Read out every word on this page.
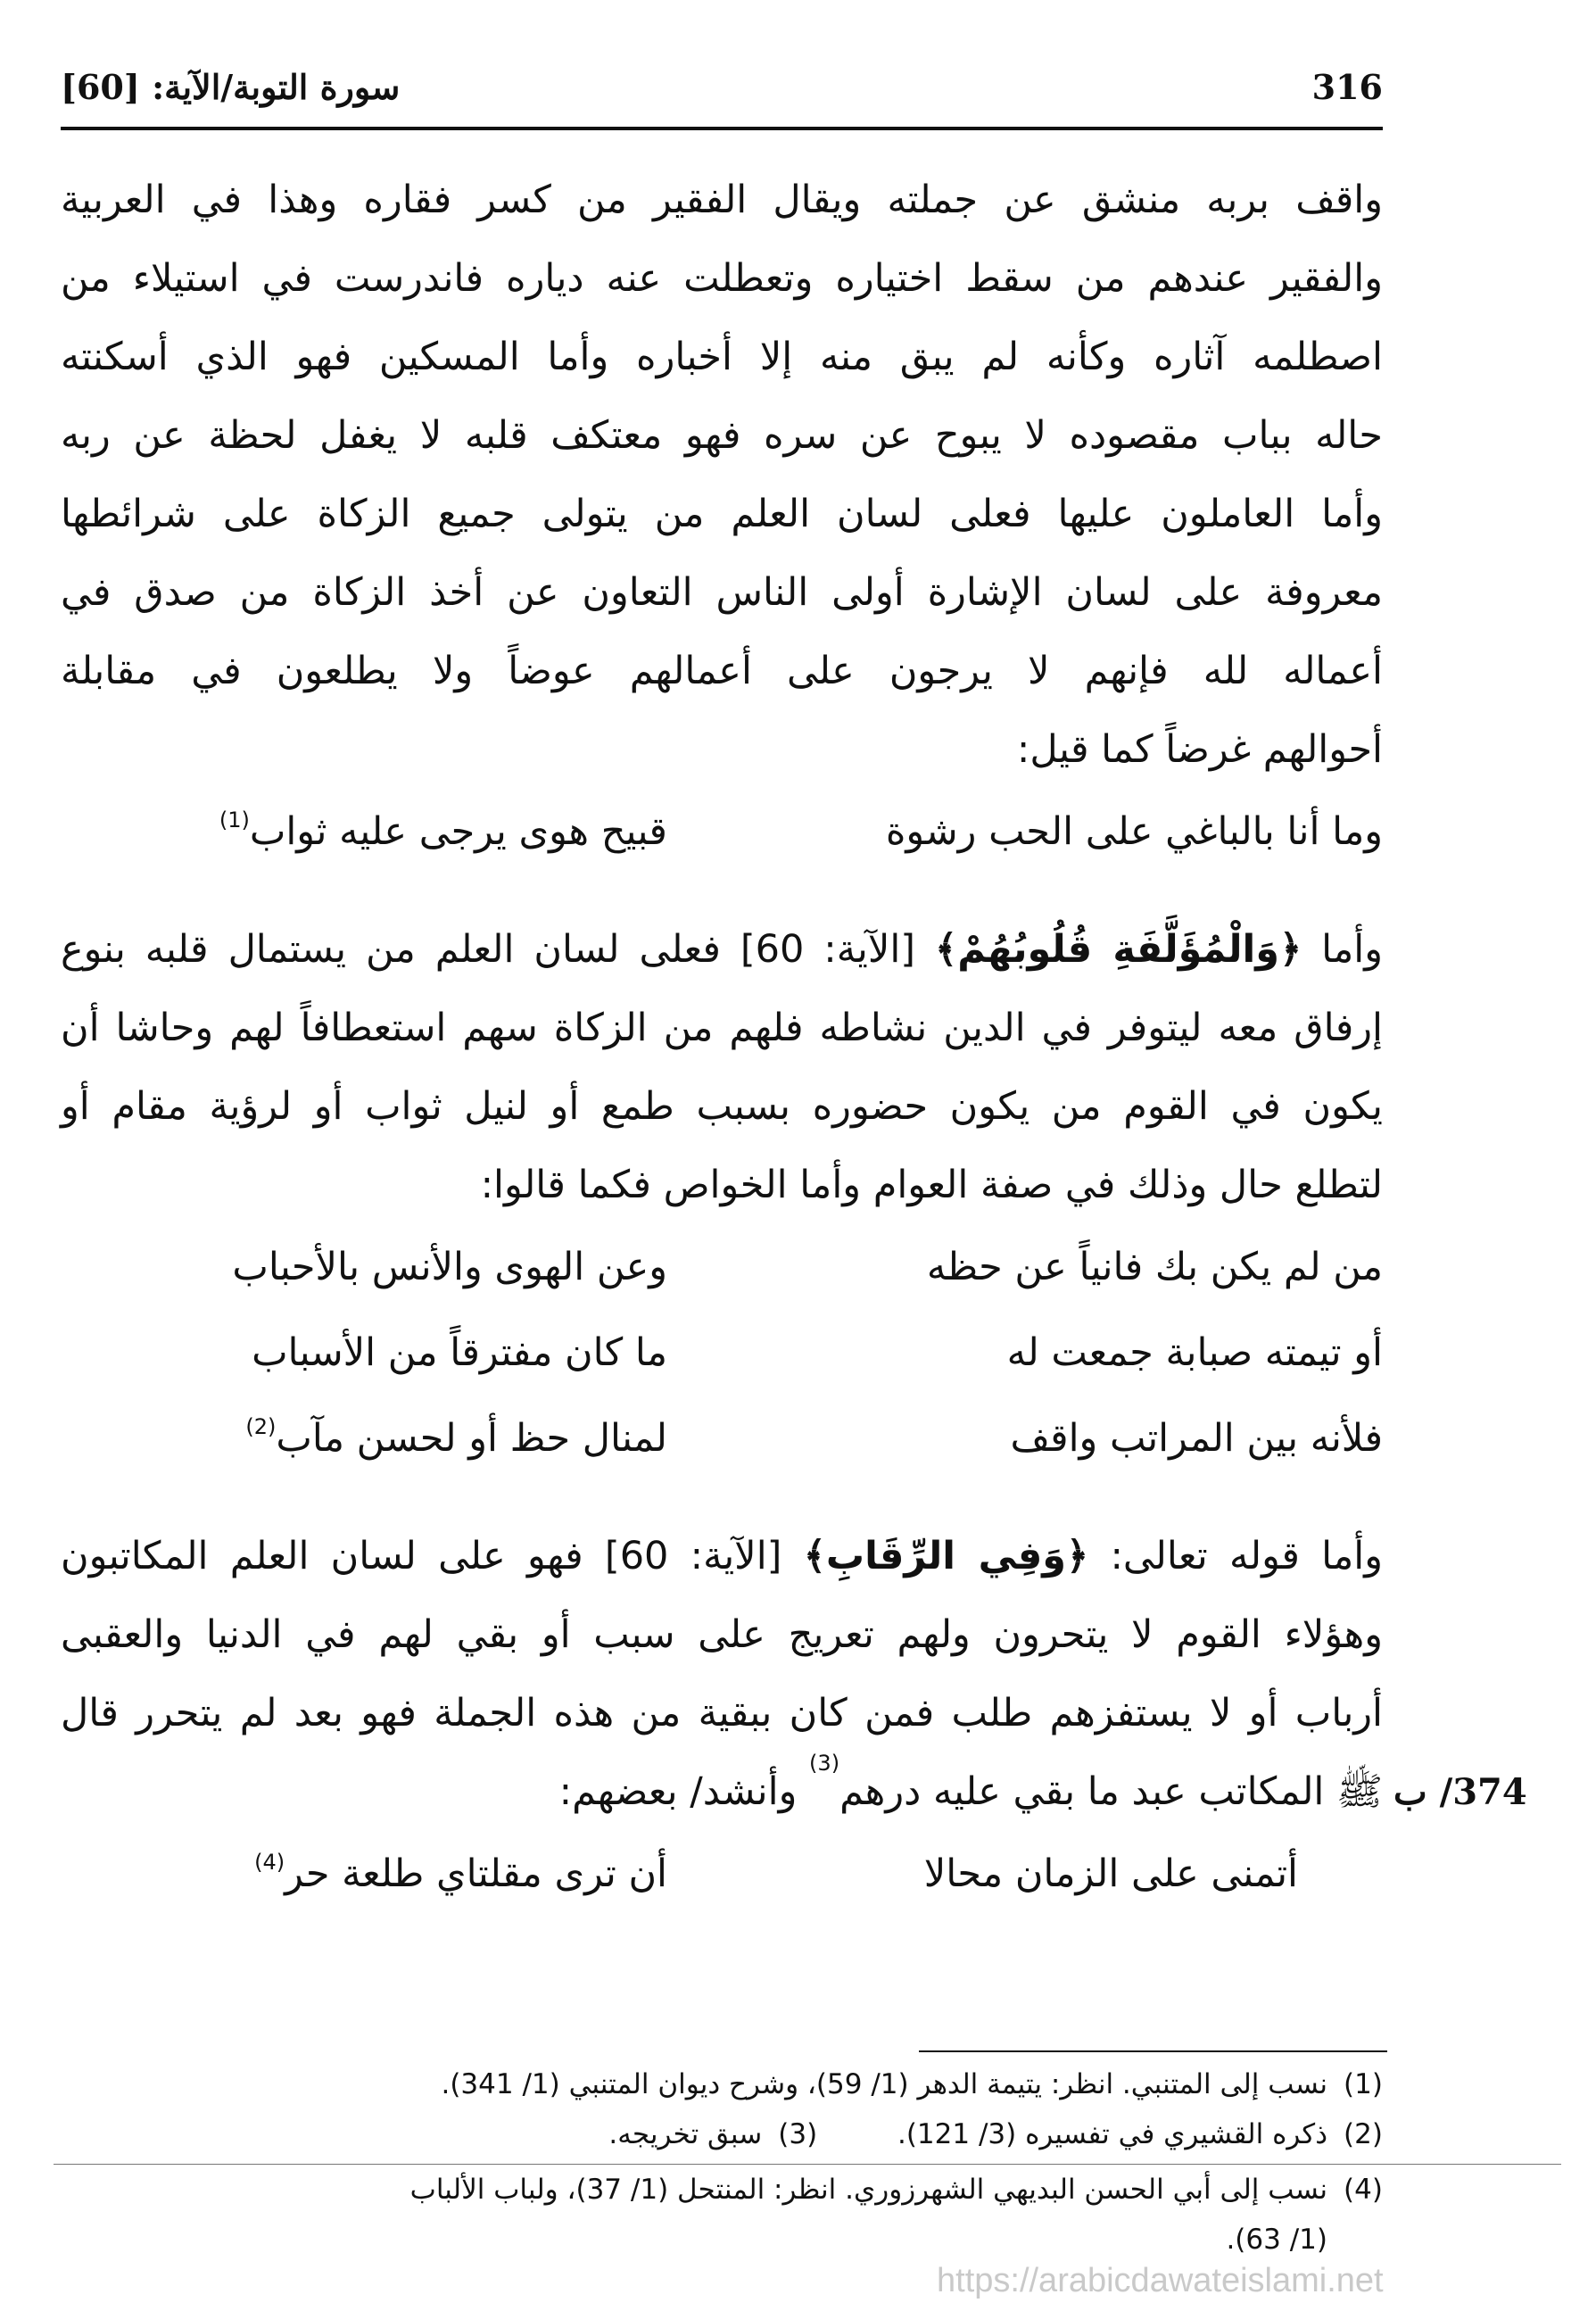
316
سورة التوبة/الآية: [60]
واقف بربه منشق عن جملته ويقال الفقير من كسر فقاره وهذا في العربية
والفقير عندهم من سقط اختياره وتعطلت عنه دياره فاندرست في استيلاء من
اصطلمه آثاره وكأنه لم يبق منه إلا أخباره وأما المسكين فهو الذي أسكنته
حاله بباب مقصوده لا يبوح عن سره فهو معتكف قلبه لا يغفل لحظة عن ربه
وأما العاملون عليها فعلى لسان العلم من يتولى جميع الزكاة على شرائطها
معروفة على لسان الإشارة أولى الناس التعاون عن أخذ الزكاة من صدق في
أعماله لله فإنهم لا يرجون على أعمالهم عوضاً ولا يطلعون في مقابلة
أحوالهم غرضاً كما قيل:
وما أنا بالباغي على الحب رشوة
قبيح هوى يرجى عليه ثواب$^{(1)}$
وأما ﴿وَالْمُؤَلَّفَةِ قُلُوبُهُمْ﴾ [الآية: 60] فعلى لسان العلم من يستمال قلبه بنوع
إرفاق معه ليتوفر في الدين نشاطه فلهم من الزكاة سهم استعطافاً لهم وحاشا أن
يكون في القوم من يكون حضوره بسبب طمع أو لنيل ثواب أو لرؤية مقام أو
لتطلع حال وذلك في صفة العوام وأما الخواص فكما قالوا:
من لم يكن بك فانياً عن حظه
وعن الهوى والأنس بالأحباب
أو تيمته صبابة جمعت له
ما كان مفترقاً من الأسباب
فلأنه بين المراتب واقف
لمنال حظ أو لحسن مآب$^{(2)}$
وأما قوله تعالى: ﴿وَفِي الرِّقَابِ﴾ [الآية: 60] فهو على لسان العلم المكاتبون
وهؤلاء القوم لا يتحرون ولهم تعريج على سبب أو بقي لهم في الدنيا والعقبى
أرباب أو لا يستفزهم طلب فمن كان ببقية من هذه الجملة فهو بعد لم يتحرر قال
ﷺ المكاتب عبد ما بقي عليه درهم$^{(3)}$ وأنشد/ بعضهم:
أتمنى على الزمان محالا
أن ترى مقلتاي طلعة حر$^{(4)}$
374/ ب
(1)نسب إلى المتنبي. انظر: يتيمة الدهر (1/ 59)، وشرح ديوان المتنبي (1/ 341).
(2)ذكره القشيري في تفسيره (3/ 121).  (3)سبق تخريجه.
(4)نسب إلى أبي الحسن البديهي الشهرزوري. انظر: المنتحل (1/ 37)، ولباب الألباب
(1/ 63).
https://arabicdawateislami.net
